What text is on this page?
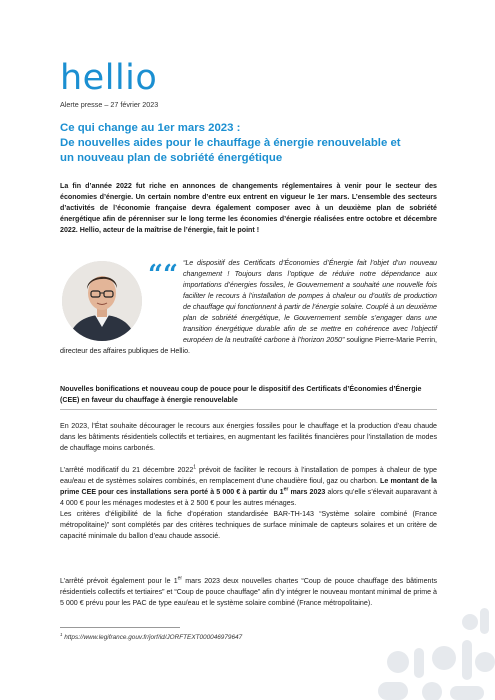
hellio
Alerte presse – 27 février 2023
Ce qui change au 1er mars 2023 :
De nouvelles aides pour le chauffage à énergie renouvelable et
un nouveau plan de sobriété énergétique

La fin d’année 2022 fut riche en annonces de changements réglementaires à venir pour le secteur des économies d’énergie. Un certain nombre d’entre eux entrent en vigueur le 1er mars. L’ensemble des secteurs d’activités de l’économie française devra également composer avec à un deuxième plan de sobriété énergétique afin de pérenniser sur le long terme les économies d’énergie réalisées entre octobre et décembre 2022. Hellio, acteur de la maîtrise de l’énergie, fait le point !

““ “Le dispositif des Certificats d’Économies d’Énergie fait l’objet d’un nouveau changement ! Toujours dans l’optique de réduire notre dépendance aux importations d’énergies fossiles, le Gouvernement a souhaité une nouvelle fois faciliter le recours à l’installation de pompes à chaleur ou d’outils de production de chauffage qui fonctionnent à partir de l’énergie solaire. Couplé à un deuxième plan de sobriété énergétique, le Gouvernement semble s’engager dans une transition énergétique durable afin de se mettre en cohérence avec l’objectif européen de la neutralité carbone à l’horizon 2050” souligne Pierre-Marie Perrin, directeur des affaires publiques de Hellio.

Nouvelles bonifications et nouveau coup de pouce pour le dispositif des Certificats d’Économies d’Énergie (CEE) en faveur du chauffage à énergie renouvelable

En 2023, l’État souhaite décourager le recours aux énergies fossiles pour le chauffage et la production d’eau chaude dans les bâtiments résidentiels collectifs et tertiaires, en augmentant les facilités financières pour l’installation de modes de chauffage moins carbonés.

L’arrêté modificatif du 21 décembre 2022$^1$ prévoit de faciliter le recours à l’installation de pompes à chaleur de type eau/eau et de systèmes solaires combinés, en remplacement d’une chaudière fioul, gaz ou charbon. Le montant de la prime CEE pour ces installations sera porté à 5 000 € à partir du 1er mars 2023 alors qu’elle s’élevait auparavant à 4 000 € pour les ménages modestes et à 2 500 € pour les autres ménages.
Les critères d’éligibilité de la fiche d’opération standardisée BAR-TH-143 “Système solaire combiné (France métropolitaine)” sont complétés par des critères techniques de surface minimale de capteurs solaires et un critère de capacité minimale du ballon d’eau chaude associé.

L’arrêté prévoit également pour le 1er mars 2023 deux nouvelles chartes “Coup de pouce chauffage des bâtiments résidentiels collectifs et tertiaires” et “Coup de pouce chauffage” afin d’y intégrer le nouveau montant minimal de prime à 5 000 € prévu pour les PAC de type eau/eau et le système solaire combiné (France métropolitaine).

$^1$ https://www.legifrance.gouv.fr/jorf/id/JORFTEXT000046979647
